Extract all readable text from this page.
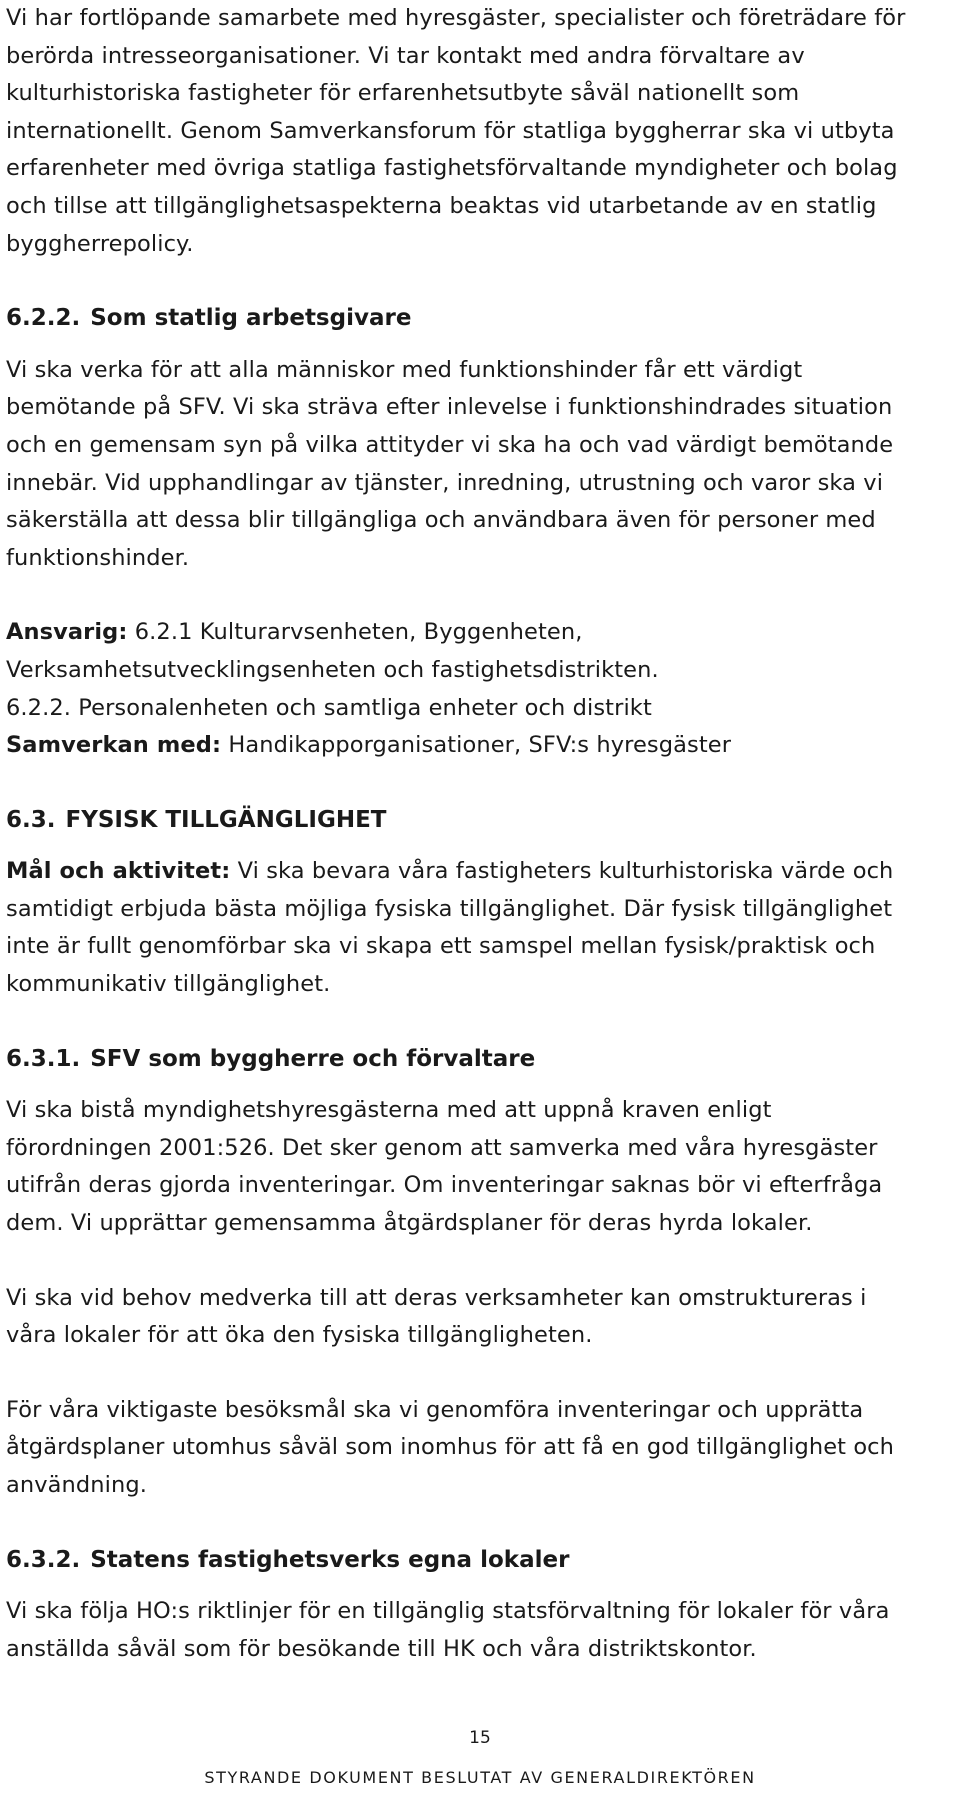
Vi har fortlöpande samarbete med hyresgäster, specialister och företrädare för berörda intresseorganisationer. Vi tar kontakt med andra förvaltare av kulturhistoriska fastigheter för erfarenhetsutbyte såväl nationellt som internationellt. Genom Samverkansforum för statliga byggherrar ska vi utbyta erfarenheter med övriga statliga fastighetsförvaltande myndigheter och bolag och tillse att tillgänglighetsaspekterna beaktas vid utarbetande av en statlig byggherrepolicy.

6.2.2. Som statlig arbetsgivare

Vi ska verka för att alla människor med funktionshinder får ett värdigt bemötande på SFV. Vi ska sträva efter inlevelse i funktionshindrades situation och en gemensam syn på vilka attityder vi ska ha och vad värdigt bemötande innebär. Vid upphandlingar av tjänster, inredning, utrustning och varor ska vi säkerställa att dessa blir tillgängliga och användbara även för personer med funktionshinder.

Ansvarig: 6.2.1 Kulturarvsenheten, Byggenheten, Verksamhetsutvecklingsenheten och fastighetsdistrikten.

6.2.2. Personalenheten och samtliga enheter och distrikt

Samverkan med: Handikapporganisationer, SFV:s hyresgäster

6.3. FYSISK TILLGÄNGLIGHET

Mål och aktivitet: Vi ska bevara våra fastigheters kulturhistoriska värde och samtidigt erbjuda bästa möjliga fysiska tillgänglighet. Där fysisk tillgänglighet inte är fullt genomförbar ska vi skapa ett samspel mellan fysisk/praktisk och kommunikativ tillgänglighet.

6.3.1. SFV som byggherre och förvaltare

Vi ska bistå myndighetshyresgästerna med att uppnå kraven enligt förordningen 2001:526. Det sker genom att samverka med våra hyresgäster utifrån deras gjorda inventeringar. Om inventeringar saknas bör vi efterfråga dem. Vi upprättar gemensamma åtgärdsplaner för deras hyrda lokaler.

Vi ska vid behov medverka till att deras verksamheter kan omstruktureras i våra lokaler för att öka den fysiska tillgängligheten.

För våra viktigaste besöksmål ska vi genomföra inventeringar och upprätta åtgärdsplaner utomhus såväl som inomhus för att få en god tillgänglighet och användning.

6.3.2. Statens fastighetsverks egna lokaler

Vi ska följa HO:s riktlinjer för en tillgänglig statsförvaltning för lokaler för våra anställda såväl som för besökande till HK och våra distriktskontor.

15
STYRANDE DOKUMENT BESLUTAT AV GENERALDIREKTÖREN
